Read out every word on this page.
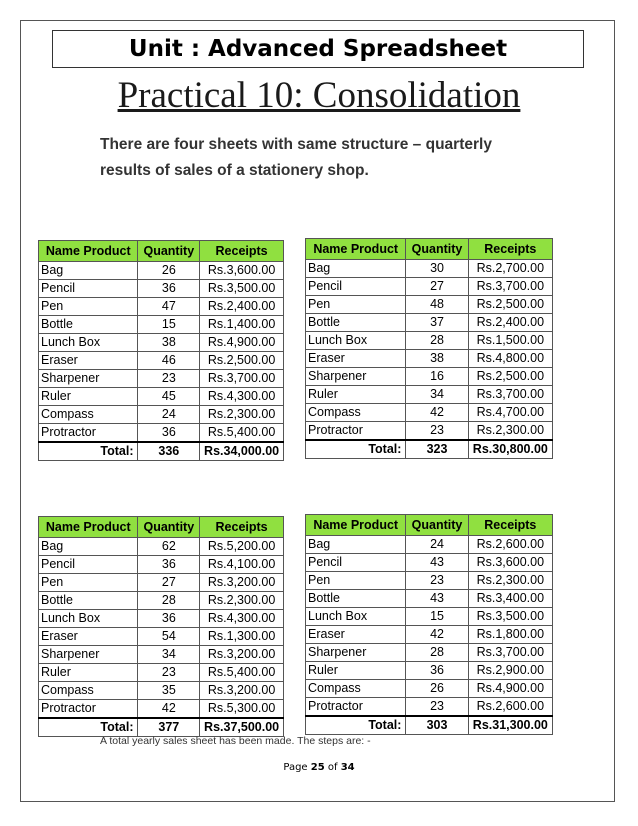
Unit : Advanced Spreadsheet
Practical 10: Consolidation
There are four sheets with same structure – quarterly results of sales of a stationery shop.
Name Product	Quantity	Receipts
Bag	26	Rs.3,600.00
Pencil	36	Rs.3,500.00
Pen	47	Rs.2,400.00
Bottle	15	Rs.1,400.00
Lunch Box	38	Rs.4,900.00
Eraser	46	Rs.2,500.00
Sharpener	23	Rs.3,700.00
Ruler	45	Rs.4,300.00
Compass	24	Rs.2,300.00
Protractor	36	Rs.5,400.00
Total:	336	Rs.34,000.00
Name Product	Quantity	Receipts
Bag	30	Rs.2,700.00
Pencil	27	Rs.3,700.00
Pen	48	Rs.2,500.00
Bottle	37	Rs.2,400.00
Lunch Box	28	Rs.1,500.00
Eraser	38	Rs.4,800.00
Sharpener	16	Rs.2,500.00
Ruler	34	Rs.3,700.00
Compass	42	Rs.4,700.00
Protractor	23	Rs.2,300.00
Total:	323	Rs.30,800.00
Name Product	Quantity	Receipts
Bag	62	Rs.5,200.00
Pencil	36	Rs.4,100.00
Pen	27	Rs.3,200.00
Bottle	28	Rs.2,300.00
Lunch Box	36	Rs.4,300.00
Eraser	54	Rs.1,300.00
Sharpener	34	Rs.3,200.00
Ruler	23	Rs.5,400.00
Compass	35	Rs.3,200.00
Protractor	42	Rs.5,300.00
Total:	377	Rs.37,500.00
Name Product	Quantity	Receipts
Bag	24	Rs.2,600.00
Pencil	43	Rs.3,600.00
Pen	23	Rs.2,300.00
Bottle	43	Rs.3,400.00
Lunch Box	15	Rs.3,500.00
Eraser	42	Rs.1,800.00
Sharpener	28	Rs.3,700.00
Ruler	36	Rs.2,900.00
Compass	26	Rs.4,900.00
Protractor	23	Rs.2,600.00
Total:	303	Rs.31,300.00
A total yearly sales sheet has been made. The steps are: -
Page 25 of 34
